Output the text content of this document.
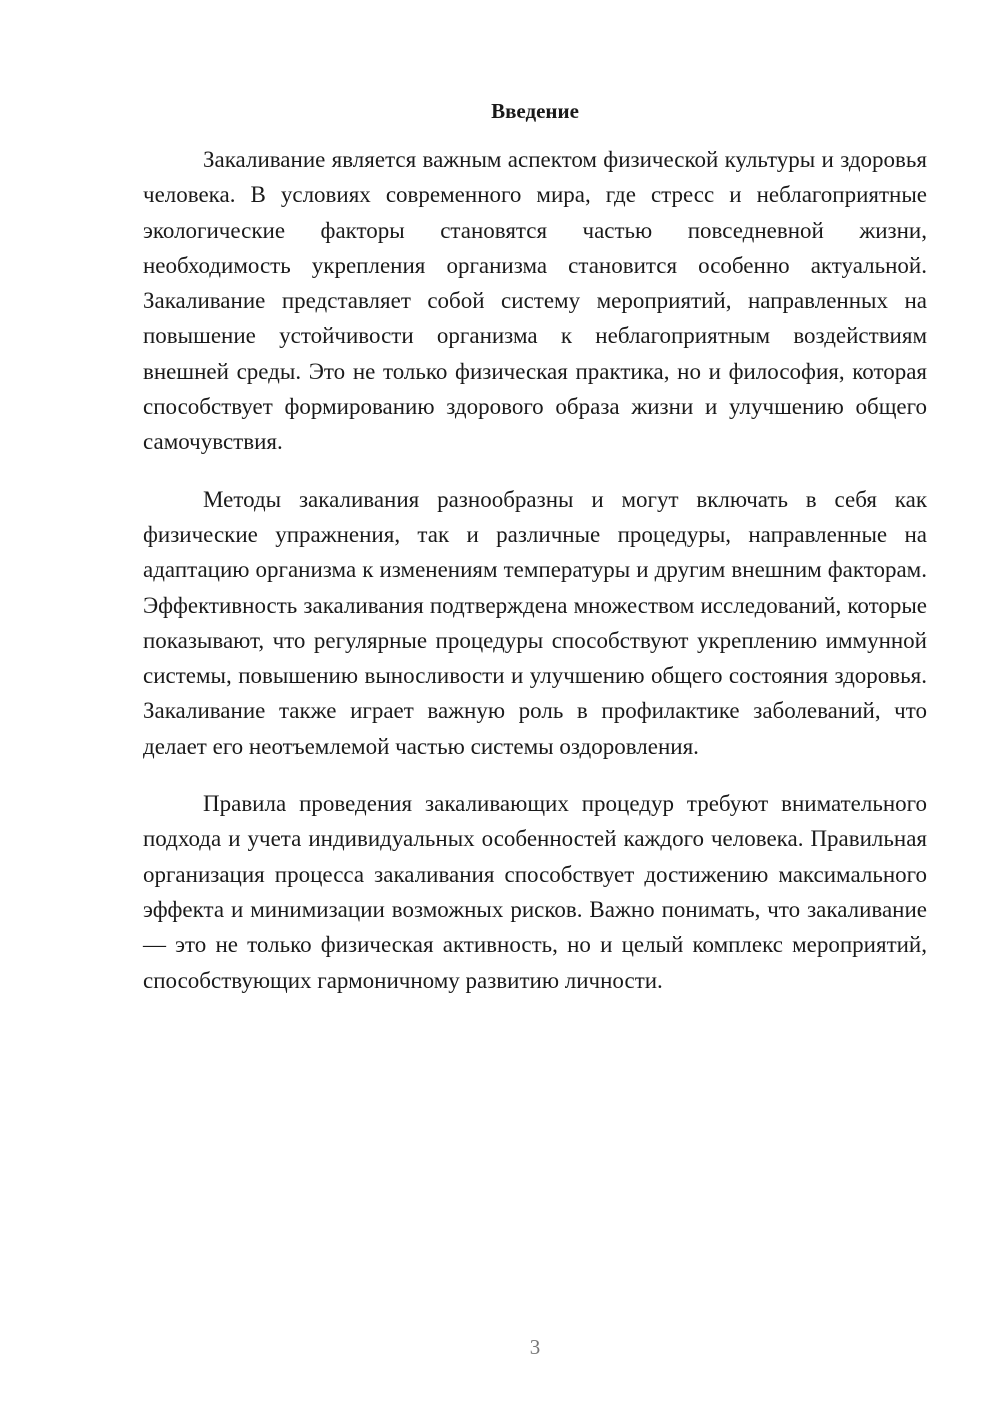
Введение

Закаливание является важным аспектом физической культуры и здоровья человека. В условиях современного мира, где стресс и неблагоприятные экологические факторы становятся частью повседневной жизни, необходимость укрепления организма становится особенно актуальной. Закаливание представляет собой систему мероприятий, направленных на повышение устойчивости организма к неблагоприятным воздействиям внешней среды. Это не только физическая практика, но и философия, которая способствует формированию здорового образа жизни и улучшению общего самочувствия.

Методы закаливания разнообразны и могут включать в себя как физические упражнения, так и различные процедуры, направленные на адаптацию организма к изменениям температуры и другим внешним факторам. Эффективность закаливания подтверждена множеством исследований, которые показывают, что регулярные процедуры способствуют укреплению иммунной системы, повышению выносливости и улучшению общего состояния здоровья. Закаливание также играет важную роль в профилактике заболеваний, что делает его неотъемлемой частью системы оздоровления.

Правила проведения закаливающих процедур требуют внимательного подхода и учета индивидуальных особенностей каждого человека. Правильная организация процесса закаливания способствует достижению максимального эффекта и минимизации возможных рисков. Важно понимать, что закаливание — это не только физическая активность, но и целый комплекс мероприятий, способствующих гармоничному развитию личности.

3
